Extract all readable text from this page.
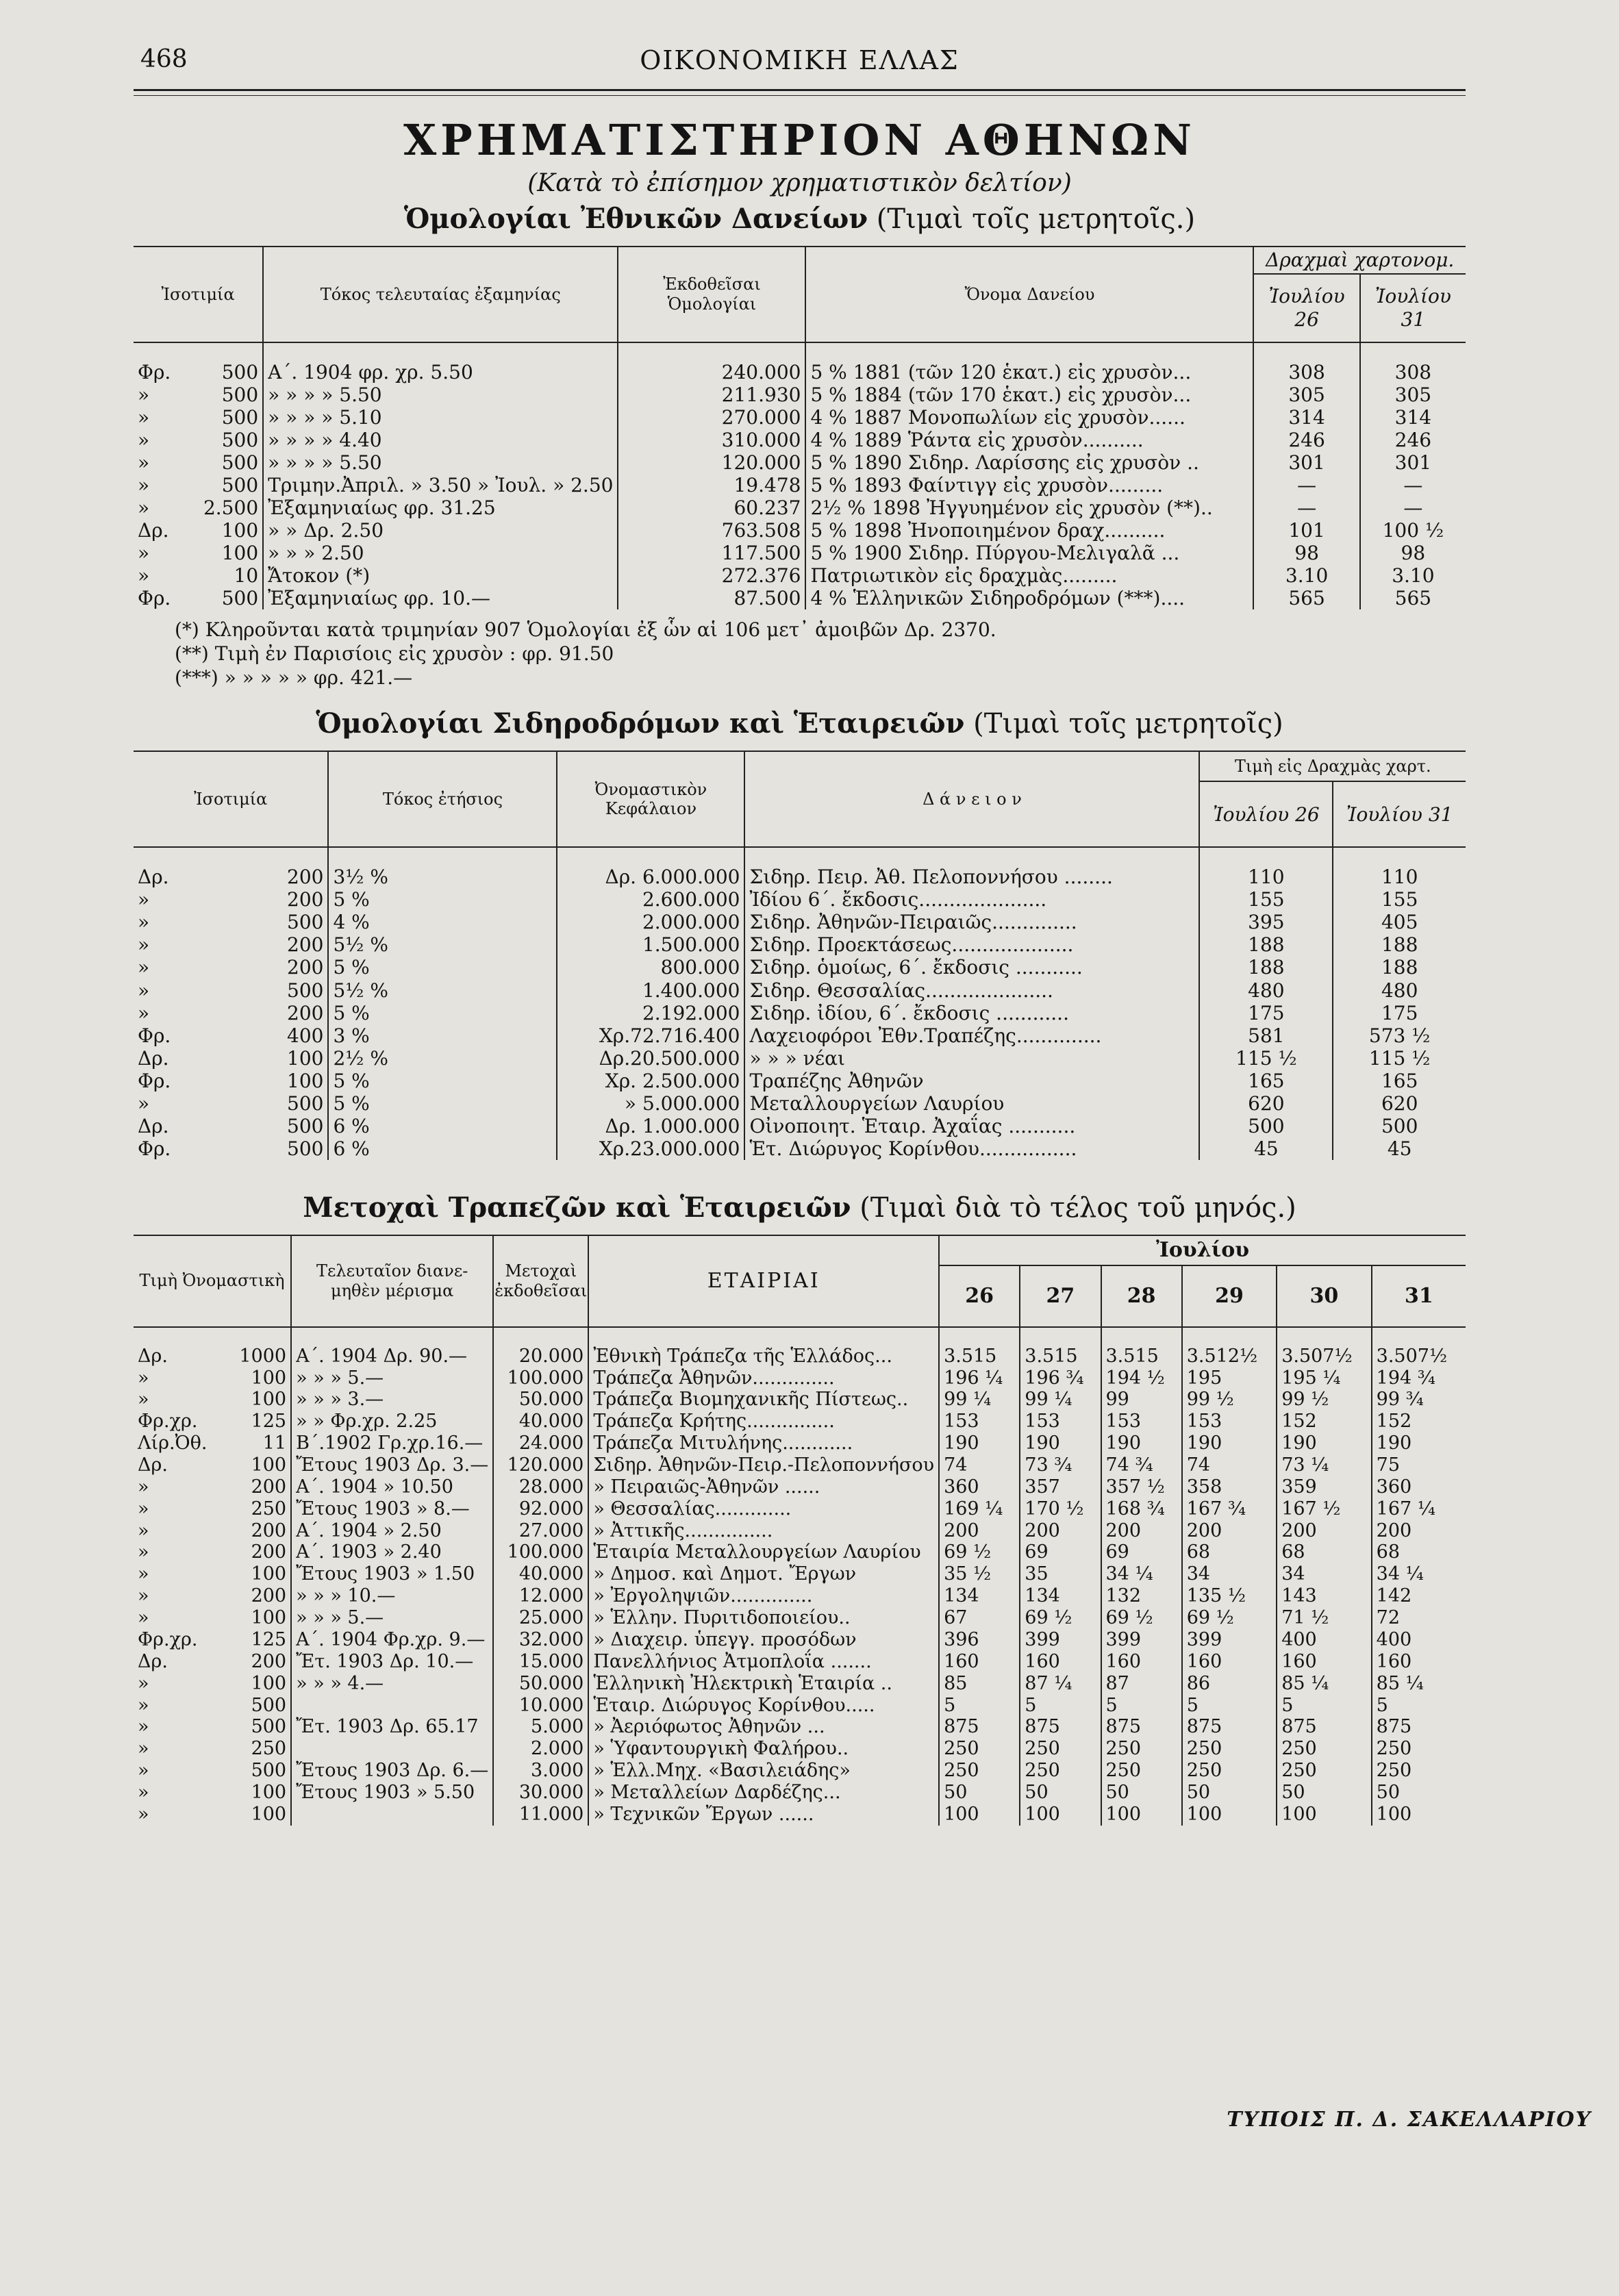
468	ΟΙΚΟΝΟΜΙΚΗ ΕΛΛΑΣ
ΧΡΗΜΑΤΙΣΤΗΡΙΟΝ ΑΘΗΝΩΝ
(Κατὰ τὸ ἐπίσημον χρηματιστικὸν δελτίον)
Ὁμολογίαι Ἐθνικῶν Δανείων (Τιμαὶ τοῖς μετρητοῖς.)
Ἰσοτιμία		Τόκος τελευταίας ἐξαμηνίας	Ἐκδοθεῖσαι Ὁμολογίαι	Ὄνομα Δανείου	Δραχμαὶ χαρτονομ.	
					Ἰουλίου 26	Ἰουλίου 31
Φρ.	500	Α΄. 1904 φρ. χρ. 5.50	240.000	5 % 1881 (τῶν 120 ἑκατ.) εἰς χρυσὸν...	308	308
»	500	» » » » 5.50	211.930	5 % 1884 (τῶν 170 ἑκατ.) εἰς χρυσὸν...	305	305
»	500	» » » » 5.10	270.000	4 % 1887 Μονοπωλίων εἰς χρυσὸν......	314	314
»	500	» » » » 4.40	310.000	4 % 1889 Ῥάντα εἰς χρυσὸν..........	246	246
»	500	» » » » 5.50	120.000	5 % 1890 Σιδηρ. Λαρίσσης εἰς χρυσὸν ..	301	301
»	500	Τριμην.Ἀπριλ. » 3.50 » Ἰουλ. » 2.50	19.478	5 % 1893 Φαίντιγγ εἰς χρυσὸν.........	—	—
»	2.500	Ἐξαμηνιαίως φρ. 31.25	60.237	2½ % 1898 Ἠγγυημένον εἰς χρυσὸν (**)..	—	—
Δρ.	100	» » Δρ. 2.50	763.508	5 % 1898 Ἠνοποιημένον δραχ..........	101	100 ½
»	100	» » » 2.50	117.500	5 % 1900 Σιδηρ. Πύργου-Μελιγαλᾶ ...	98	98
»	10	Ἄτοκον (*)	272.376	Πατριωτικὸν εἰς δραχμὰς.........	3.10	3.10
Φρ.	500	Ἐξαμηνιαίως φρ. 10.—	87.500	4 % Ἑλληνικῶν Σιδηροδρόμων (***)....	565	565
(*) Κληροῦνται κατὰ τριμηνίαν 907 Ὁμολογίαι ἐξ ὧν αἱ 106 μετ᾿ ἀμοιβῶν Δρ. 2370.
(**) Τιμὴ ἐν Παρισίοις εἰς χρυσὸν : φρ. 91.50
(***) » » » » » φρ. 421.—
Ὁμολογίαι Σιδηροδρόμων καὶ Ἑταιρειῶν (Τιμαὶ τοῖς μετρητοῖς)
Ἰσοτιμία		Τόκος ἐτήσιος	Ὀνομαστικὸν Κεφάλαιον	Δ ά ν ε ι ο ν	Τιμὴ εἰς Δραχμὰς χαρτ.	
					Ἰουλίου 26	Ἰουλίου 31
Δρ.	200	3½ %	Δρ. 6.000.000	Σιδηρ. Πειρ. Ἀθ. Πελοποννήσου ........	110	110
»	200	5 %	2.600.000	Ἰδίου 6΄. ἔκδοσις.....................	155	155
»	500	4 %	2.000.000	Σιδηρ. Ἀθηνῶν-Πειραιῶς..............	395	405
»	200	5½ %	1.500.000	Σιδηρ. Προεκτάσεως....................	188	188
»	200	5 %	800.000	Σιδηρ. ὁμοίως, 6΄. ἔκδοσις ...........	188	188
»	500	5½ %	1.400.000	Σιδηρ. Θεσσαλίας.....................	480	480
»	200	5 %	2.192.000	Σιδηρ. ἰδίου, 6΄. ἔκδοσις ............	175	175
Φρ.	400	3 %	Χρ.72.716.400	Λαχειοφόροι Ἐθν.Τραπέζης..............	581	573 ½
Δρ.	100	2½ %	Δρ.20.500.000	» » » νέαι	115 ½	115 ½
Φρ.	100	5 %	Χρ. 2.500.000	Τραπέζης Ἀθηνῶν	165	165
»	500	5 %	» 5.000.000	Μεταλλουργείων Λαυρίου	620	620
Δρ.	500	6 %	Δρ. 1.000.000	Οἰνοποιητ. Ἑταιρ. Ἀχαΐας ...........	500	500
Φρ.	500	6 %	Χρ.23.000.000	Ἑτ. Διώρυγος Κορίνθου................	45	45
Μετοχαὶ Τραπεζῶν καὶ Ἑταιρειῶν (Τιμαὶ διὰ τὸ τέλος τοῦ μηνός.)
Τιμὴ Ὀνομαστικὴ		Τελευταῖον διανε-μηθὲν μέρισμα	Μετοχαὶ ἐκδοθεῖσαι	ΕΤΑΙΡΙΑΙ	Ἰουλίου					
					26	27	28	29	30	31
Δρ.	1000	Α΄. 1904 Δρ. 90.—	20.000	Ἐθνικὴ Τράπεζα τῆς Ἑλλάδος...	3.515	3.515	3.515	3.512½	3.507½	3.507½
»	100	» » » 5.—	100.000	Τράπεζα Ἀθηνῶν..............	196 ¼	196 ¾	194 ½	195	195 ¼	194 ¾
»	100	» » » 3.—	50.000	Τράπεζα Βιομηχανικῆς Πίστεως..	99 ¼	99 ¼	99	99 ½	99 ½	99 ¾
Φρ.χρ.	125	» » Φρ.χρ. 2.25	40.000	Τράπεζα Κρήτης...............	153	153	153	153	152	152
Λίρ.Ὀθ.	11	Β΄.1902 Γρ.χρ.16.—	24.000	Τράπεζα Μιτυλήνης............	190	190	190	190	190	190
Δρ.	100	Ἔτους 1903 Δρ. 3.—	120.000	Σιδηρ. Ἀθηνῶν-Πειρ.-Πελοποννήσου	74	73 ¾	74 ¾	74	73 ¼	75
»	200	Α΄. 1904 » 10.50	28.000	» Πειραιῶς-Ἀθηνῶν ......	360	357	357 ½	358	359	360
»	250	Ἔτους 1903 » 8.—	92.000	» Θεσσαλίας.............	169 ¼	170 ½	168 ¾	167 ¾	167 ½	167 ¼
»	200	Α΄. 1904 » 2.50	27.000	» Ἀττικῆς...............	200	200	200	200	200	200
»	200	Α΄. 1903 » 2.40	100.000	Ἑταιρία Μεταλλουργείων Λαυρίου	69 ½	69	69	68	68	68
»	100	Ἔτους 1903 » 1.50	40.000	» Δημοσ. καὶ Δημοτ. Ἔργων	35 ½	35	34 ¼	34	34	34 ¼
»	200	» » » 10.—	12.000	» Ἐργοληψιῶν..............	134	134	132	135 ½	143	142
»	100	» » » 5.—	25.000	» Ἑλλην. Πυριτιδοποιείου..	67	69 ½	69 ½	69 ½	71 ½	72
Φρ.χρ.	125	Α΄. 1904 Φρ.χρ. 9.—	32.000	» Διαχειρ. ὑπεγγ. προσόδων	396	399	399	399	400	400
Δρ.	200	Ἔτ. 1903 Δρ. 10.—	15.000	Πανελλήνιος Ἀτμοπλοΐα .......	160	160	160	160	160	160
»	100	» » » 4.—	50.000	Ἑλληνικὴ Ἠλεκτρικὴ Ἑταιρία ..	85	87 ¼	87	86	85 ¼	85 ¼
»	500		10.000	Ἑταιρ. Διώρυγος Κορίνθου.....	5	5	5	5	5	5
»	500	Ἔτ. 1903 Δρ. 65.17	5.000	» Ἀεριόφωτος Ἀθηνῶν ...	875	875	875	875	875	875
»	250		2.000	» Ὑφαντουργικὴ Φαλήρου..	250	250	250	250	250	250
»	500	Ἔτους 1903 Δρ. 6.—	3.000	» Ἑλλ.Μηχ. «Βασιλειάδης»	250	250	250	250	250	250
»	100	Ἔτους 1903 » 5.50	30.000	» Μεταλλείων Δαρδέζης...	50	50	50	50	50	50
»	100		11.000	» Τεχνικῶν Ἔργων ......	100	100	100	100	100	100
ΤΥΠΟΙΣ Π. Δ. ΣΑΚΕΛΛΑΡΙΟΥ
